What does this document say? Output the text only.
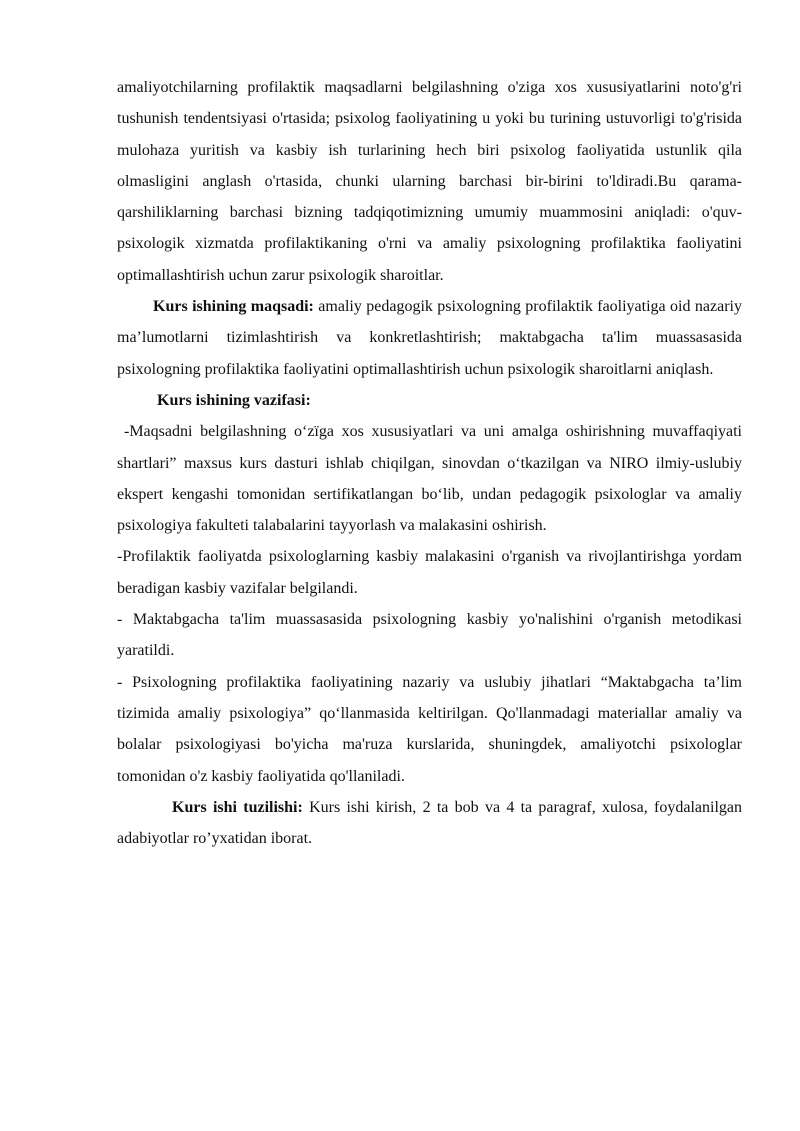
amaliyotchilarning profilaktik maqsadlarni belgilashning o'ziga xos xususiyatlarini noto'g'ri tushunish tendentsiyasi o'rtasida; psixolog faoliyatining u yoki bu turining ustuvorligi to'g'risida mulohaza yuritish va kasbiy ish turlarining hech biri psixolog faoliyatida ustunlik qila olmasligini anglash o'rtasida, chunki ularning barchasi bir-birini to'ldiradi.Bu qarama-qarshiliklarning barchasi bizning tadqiqotimizning umumiy muammosini aniqladi: o'quv-psixologik xizmatda profilaktikaning o'rni va amaliy psixologning profilaktika faoliyatini optimallashtirish uchun zarur psixologik sharoitlar.

Kurs ishining maqsadi: amaliy pedagogik psixologning profilaktik faoliyatiga oid nazariy ma’lumotlarni tizimlashtirish va konkretlashtirish; maktabgacha ta'lim muassasasida psixologning profilaktika faoliyatini optimallashtirish uchun psixologik sharoitlarni aniqlash.

Kurs ishining vazifasi:

-Maqsadni belgilashning o‘zïga xos xususiyatlari va uni amalga oshirishning muvaffaqiyati shartlari” maxsus kurs dasturi ishlab chiqilgan, sinovdan o‘tkazilgan va NIRO ilmiy-uslubiy ekspert kengashi tomonidan sertifikatlangan bo‘lib, undan pedagogik psixologlar va amaliy psixologiya fakulteti talabalarini tayyorlash va malakasini oshirish.

-Profilaktik faoliyatda psixologlarning kasbiy malakasini o'rganish va rivojlantirishga yordam beradigan kasbiy vazifalar belgilandi.

- Maktabgacha ta'lim muassasasida psixologning kasbiy yo'nalishini o'rganish metodikasi yaratildi.

- Psixologning profilaktika faoliyatining nazariy va uslubiy jihatlari “Maktabgacha ta’lim tizimida amaliy psixologiya” qo‘llanmasida keltirilgan. Qo'llanmadagi materiallar amaliy va bolalar psixologiyasi bo'yicha ma'ruza kurslarida, shuningdek, amaliyotchi psixologlar tomonidan o'z kasbiy faoliyatida qo'llaniladi.

Kurs ishi tuzilishi: Kurs ishi kirish, 2 ta bob va 4 ta paragraf, xulosa, foydalanilgan adabiyotlar ro’yxatidan iborat.
